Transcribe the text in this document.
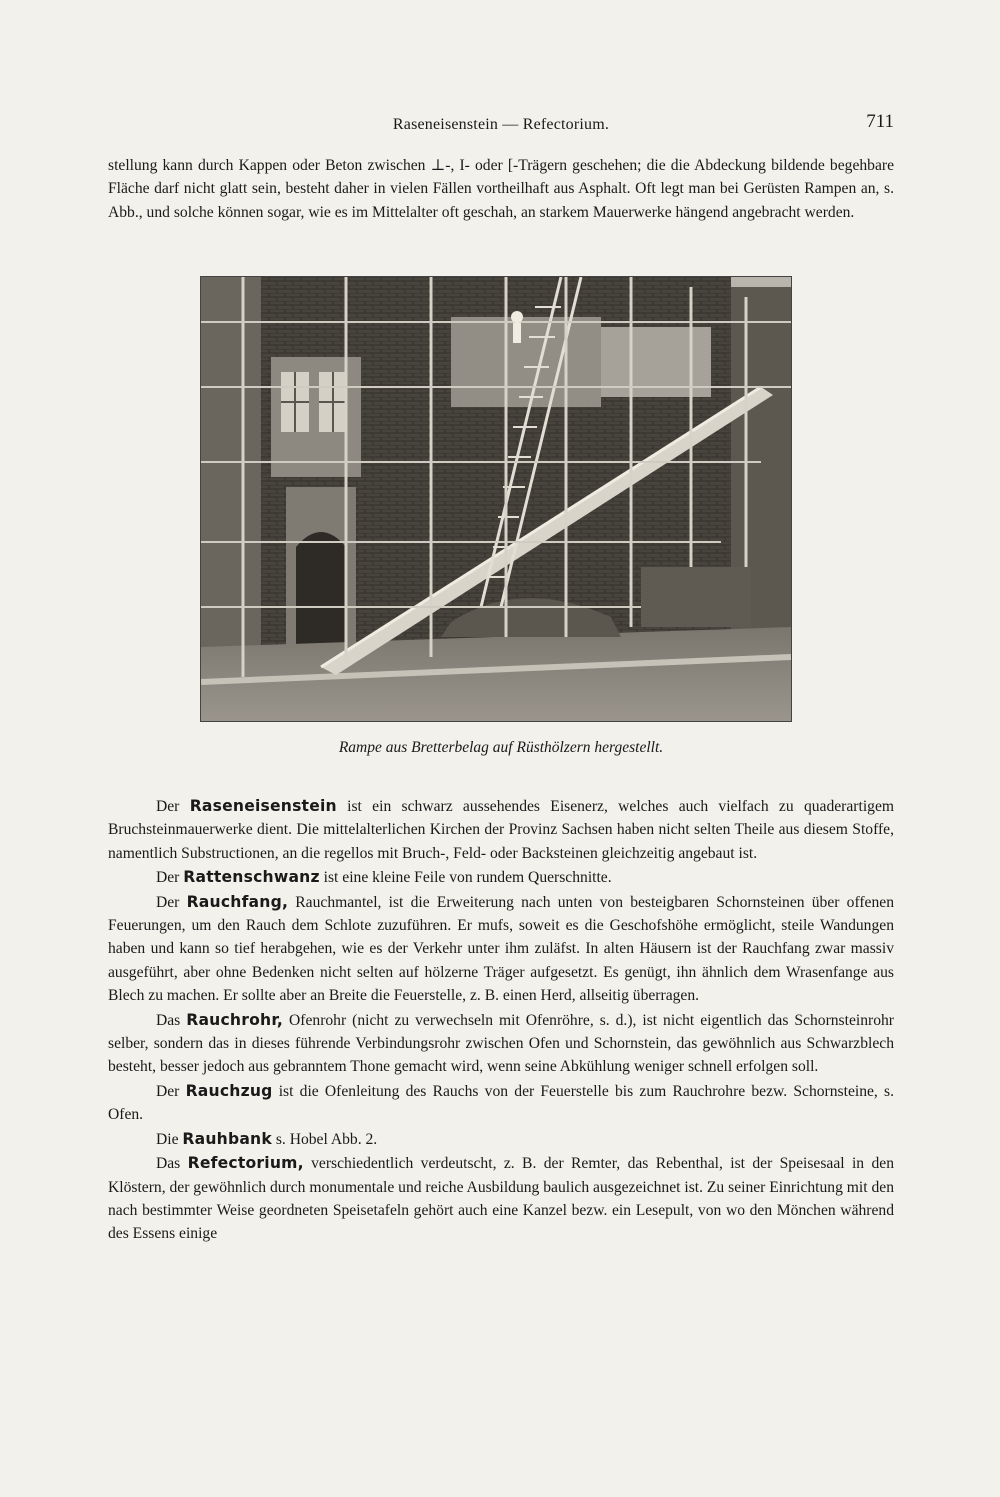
Raseneisenstein — Refectorium.	711

stellung kann durch Kappen oder Beton zwischen ⊥-, I- oder [-Trägern geschehen; die die Abdeckung bildende begehbare Fläche darf nicht glatt sein, besteht daher in vielen Fällen vortheilhaft aus Asphalt. Oft legt man bei Gerüsten Rampen an, s. Abb., und solche können sogar, wie es im Mittelalter oft geschah, an starkem Mauerwerke hängend angebracht werden.

Rampe aus Bretterbelag auf Rüsthölzern hergestellt.

Der Raseneisenstein ist ein schwarz aussehendes Eisenerz, welches auch vielfach zu quaderartigem Bruchsteinmauerwerke dient. Die mittelalterlichen Kirchen der Provinz Sachsen haben nicht selten Theile aus diesem Stoffe, namentlich Substructionen, an die regellos mit Bruch-, Feld- oder Backsteinen gleichzeitig angebaut ist.

Der Rattenschwanz ist eine kleine Feile von rundem Querschnitte.

Der Rauchfang, Rauchmantel, ist die Erweiterung nach unten von besteigbaren Schornsteinen über offenen Feuerungen, um den Rauch dem Schlote zuzuführen. Er mufs, soweit es die Geschofshöhe ermöglicht, steile Wandungen haben und kann so tief herabgehen, wie es der Verkehr unter ihm zuläfst. In alten Häusern ist der Rauchfang zwar massiv ausgeführt, aber ohne Bedenken nicht selten auf hölzerne Träger aufgesetzt. Es genügt, ihn ähnlich dem Wrasenfange aus Blech zu machen. Er sollte aber an Breite die Feuerstelle, z. B. einen Herd, allseitig überragen.

Das Rauchrohr, Ofenrohr (nicht zu verwechseln mit Ofenröhre, s. d.), ist nicht eigentlich das Schornsteinrohr selber, sondern das in dieses führende Verbindungsrohr zwischen Ofen und Schornstein, das gewöhnlich aus Schwarzblech besteht, besser jedoch aus gebranntem Thone gemacht wird, wenn seine Abkühlung weniger schnell erfolgen soll.

Der Rauchzug ist die Ofenleitung des Rauchs von der Feuerstelle bis zum Rauchrohre bezw. Schornsteine, s. Ofen.

Die Rauhbank s. Hobel Abb. 2.

Das Refectorium, verschiedentlich verdeutscht, z. B. der Remter, das Rebenthal, ist der Speisesaal in den Klöstern, der gewöhnlich durch monumentale und reiche Ausbildung baulich ausgezeichnet ist. Zu seiner Einrichtung mit den nach bestimmter Weise geordneten Speisetafeln gehört auch eine Kanzel bezw. ein Lesepult, von wo den Mönchen während des Essens einige
